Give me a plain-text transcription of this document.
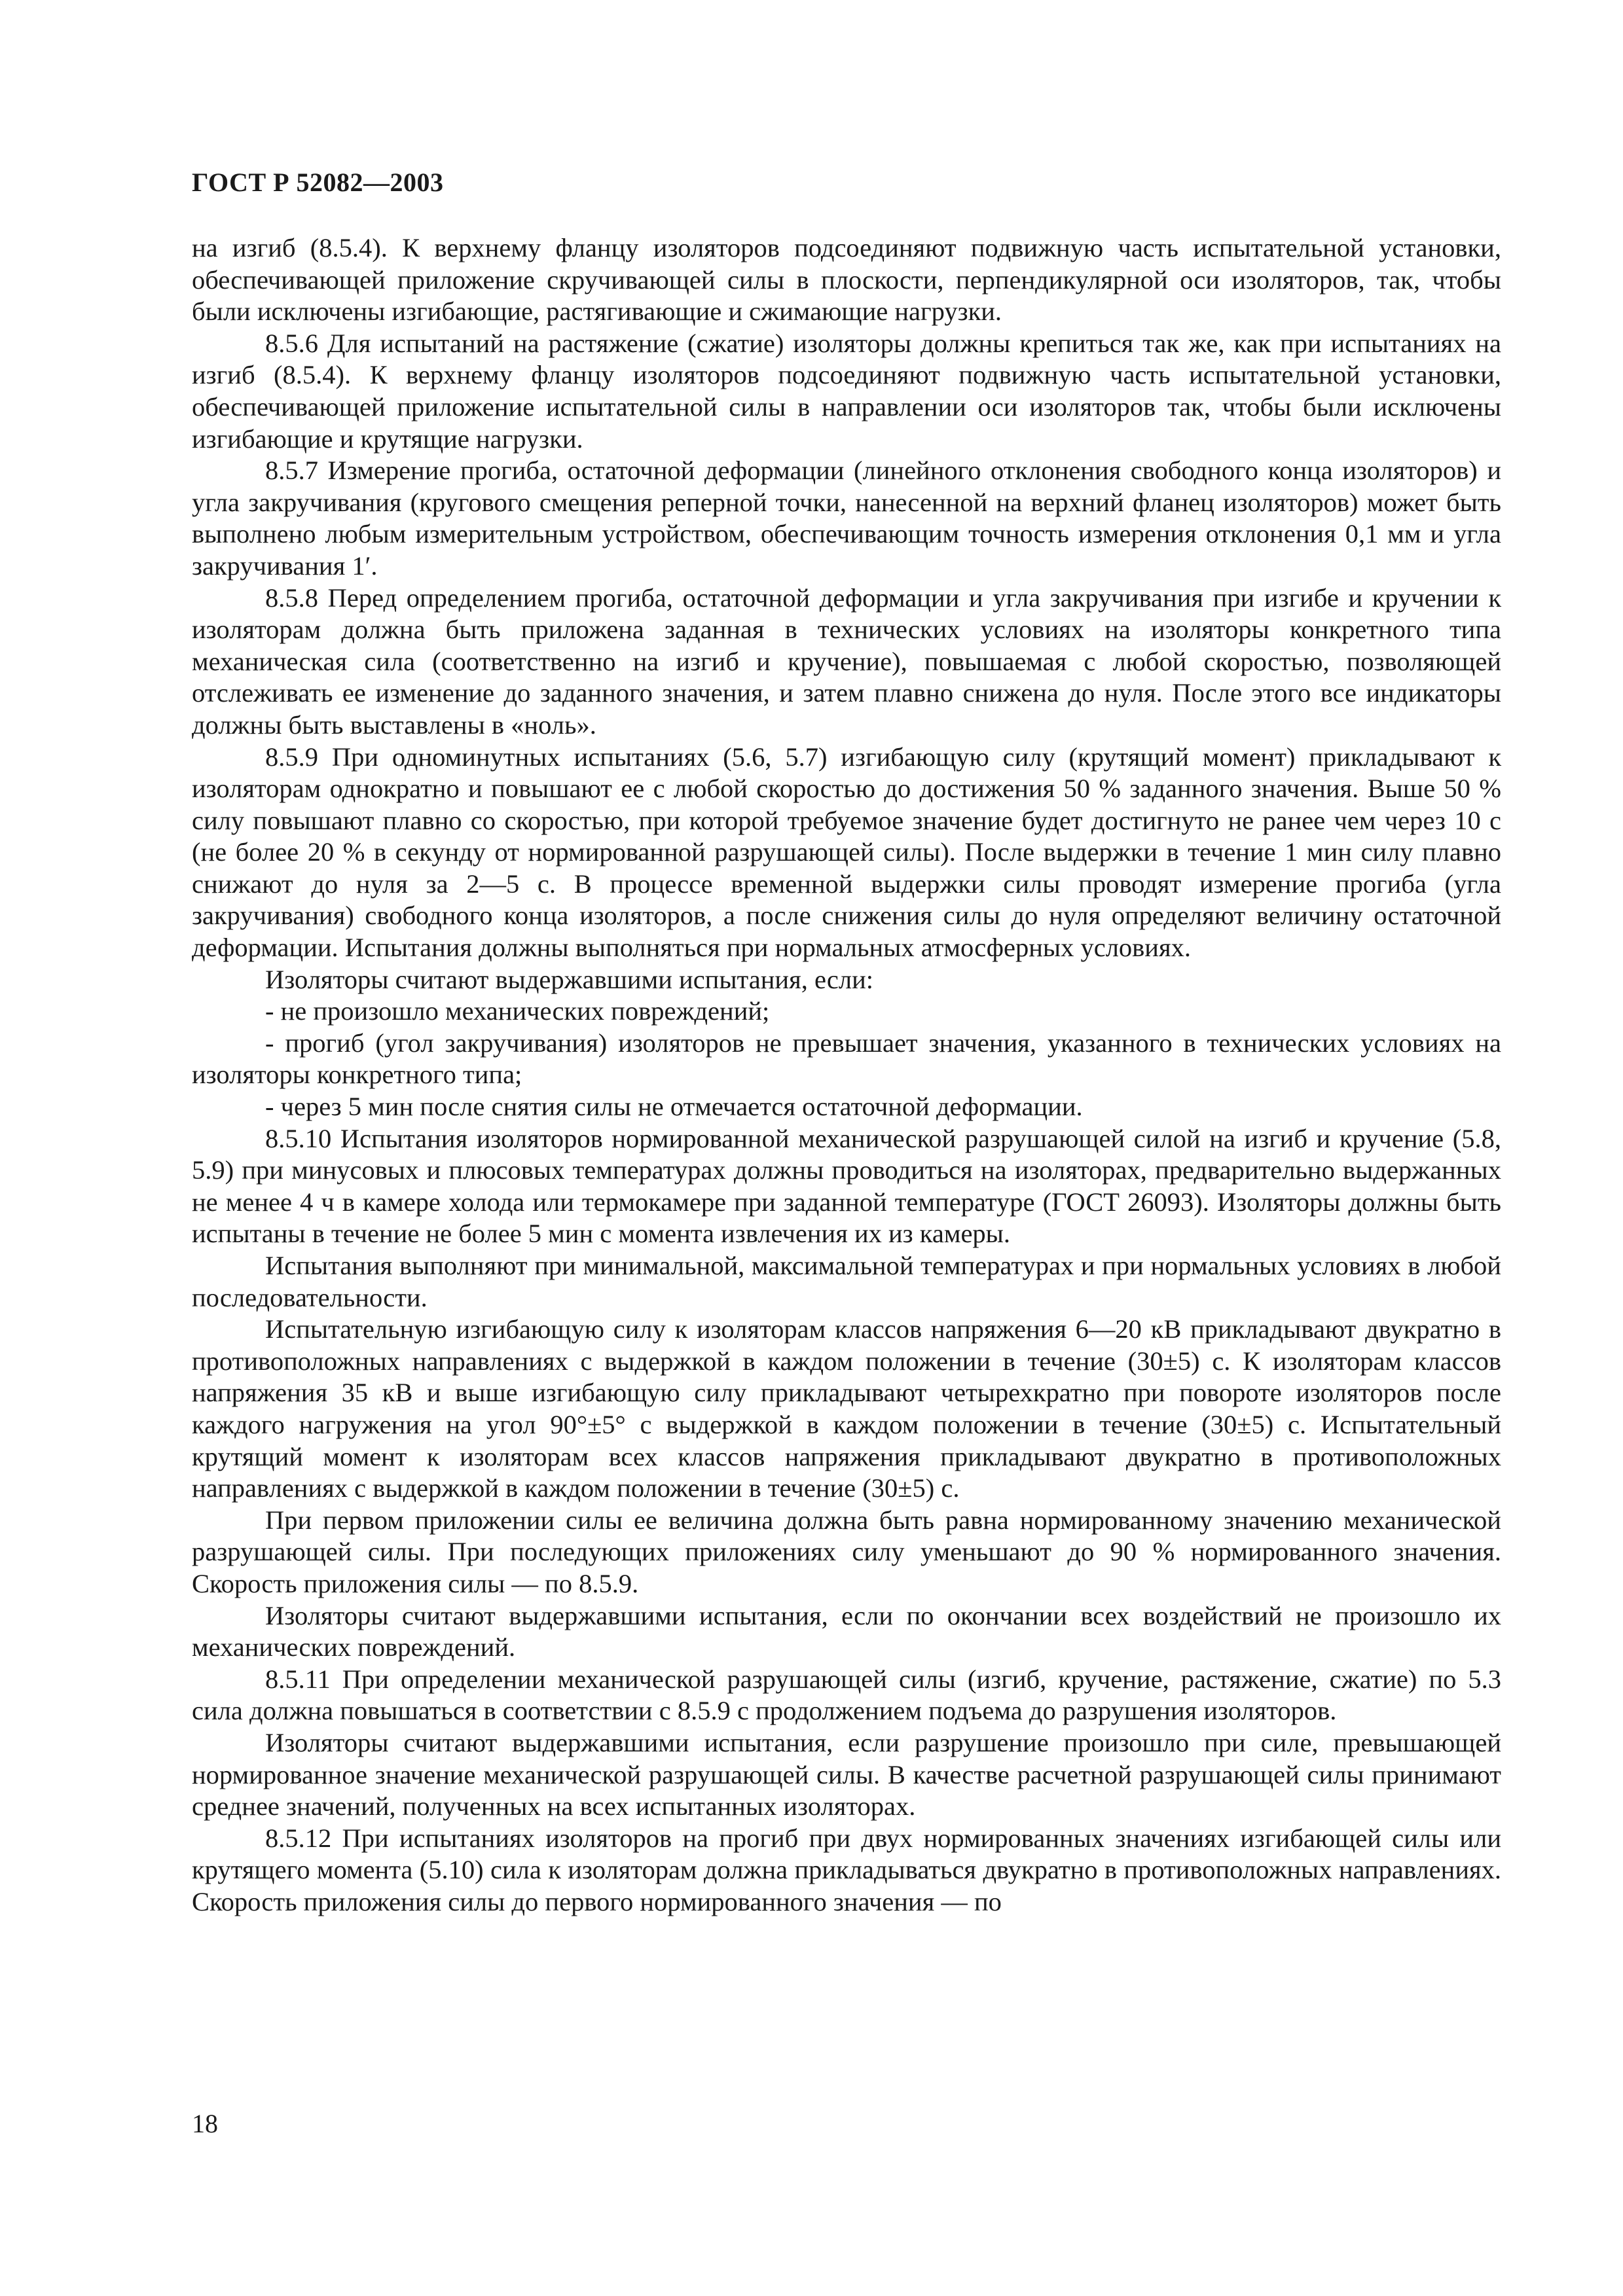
ГОСТ Р 52082—2003

на изгиб (8.5.4). К верхнему фланцу изоляторов подсоединяют подвижную часть испытательной установки, обеспечивающей приложение скручивающей силы в плоскости, перпендикулярной оси изоляторов, так, чтобы были исключены изгибающие, растягивающие и сжимающие нагрузки.

8.5.6 Для испытаний на растяжение (сжатие) изоляторы должны крепиться так же, как при испытаниях на изгиб (8.5.4). К верхнему фланцу изоляторов подсоединяют подвижную часть испытательной установки, обеспечивающей приложение испытательной силы в направлении оси изоляторов так, чтобы были исключены изгибающие и крутящие нагрузки.

8.5.7 Измерение прогиба, остаточной деформации (линейного отклонения свободного конца изоляторов) и угла закручивания (кругового смещения реперной точки, нанесенной на верхний фланец изоляторов) может быть выполнено любым измерительным устройством, обеспечивающим точность измерения отклонения 0,1 мм и угла закручивания 1′.

8.5.8 Перед определением прогиба, остаточной деформации и угла закручивания при изгибе и кручении к изоляторам должна быть приложена заданная в технических условиях на изоляторы конкретного типа механическая сила (соответственно на изгиб и кручение), повышаемая с любой скоростью, позволяющей отслеживать ее изменение до заданного значения, и затем плавно снижена до нуля. После этого все индикаторы должны быть выставлены в «ноль».

8.5.9 При одноминутных испытаниях (5.6, 5.7) изгибающую силу (крутящий момент) прикладывают к изоляторам однократно и повышают ее с любой скоростью до достижения 50 % заданного значения. Выше 50 % силу повышают плавно со скоростью, при которой требуемое значение будет достигнуто не ранее чем через 10 с (не более 20 % в секунду от нормированной разрушающей силы). После выдержки в течение 1 мин силу плавно снижают до нуля за 2—5 с. В процессе временной выдержки силы проводят измерение прогиба (угла закручивания) свободного конца изоляторов, а после снижения силы до нуля определяют величину остаточной деформации. Испытания должны выполняться при нормальных атмосферных условиях.

Изоляторы считают выдержавшими испытания, если:

- не произошло механических повреждений;

- прогиб (угол закручивания) изоляторов не превышает значения, указанного в технических условиях на изоляторы конкретного типа;

- через 5 мин после снятия силы не отмечается остаточной деформации.

8.5.10 Испытания изоляторов нормированной механической разрушающей силой на изгиб и кручение (5.8, 5.9) при минусовых и плюсовых температурах должны проводиться на изоляторах, предварительно выдержанных не менее 4 ч в камере холода или термокамере при заданной температуре (ГОСТ 26093). Изоляторы должны быть испытаны в течение не более 5 мин с момента извлечения их из камеры.

Испытания выполняют при минимальной, максимальной температурах и при нормальных условиях в любой последовательности.

Испытательную изгибающую силу к изоляторам классов напряжения 6—20 кВ прикладывают двукратно в противоположных направлениях с выдержкой в каждом положении в течение (30±5) с. К изоляторам классов напряжения 35 кВ и выше изгибающую силу прикладывают четырехкратно при повороте изоляторов после каждого нагружения на угол 90°±5° с выдержкой в каждом положении в течение (30±5) с. Испытательный крутящий момент к изоляторам всех классов напряжения прикладывают двукратно в противоположных направлениях с выдержкой в каждом положении в течение (30±5) с.

При первом приложении силы ее величина должна быть равна нормированному значению механической разрушающей силы. При последующих приложениях силу уменьшают до 90 % нормированного значения. Скорость приложения силы — по 8.5.9.

Изоляторы считают выдержавшими испытания, если по окончании всех воздействий не произошло их механических повреждений.

8.5.11 При определении механической разрушающей силы (изгиб, кручение, растяжение, сжатие) по 5.3 сила должна повышаться в соответствии с 8.5.9 с продолжением подъема до разрушения изоляторов.

Изоляторы считают выдержавшими испытания, если разрушение произошло при силе, превышающей нормированное значение механической разрушающей силы. В качестве расчетной разрушающей силы принимают среднее значений, полученных на всех испытанных изоляторах.

8.5.12 При испытаниях изоляторов на прогиб при двух нормированных значениях изгибающей силы или крутящего момента (5.10) сила к изоляторам должна прикладываться двукратно в противоположных направлениях. Скорость приложения силы до первого нормированного значения — по

18
